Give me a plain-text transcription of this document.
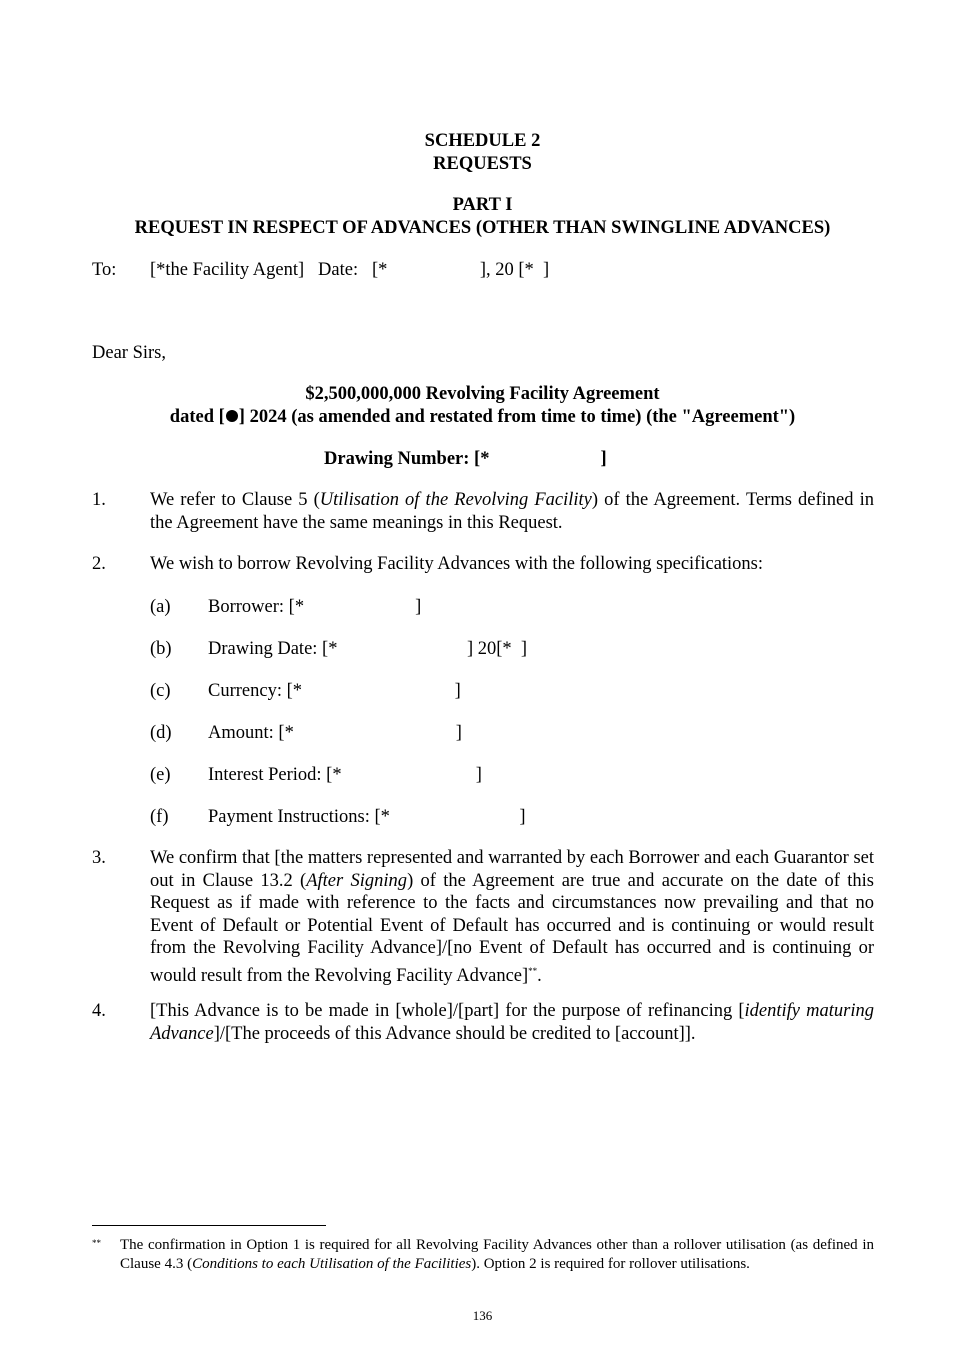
SCHEDULE 2
REQUESTS
PART I
REQUEST IN RESPECT OF ADVANCES (OTHER THAN SWINGLINE ADVANCES)
To: [*the Facility Agent] Date: [*                    ], 20 [*  ]
Dear Sirs,
$2,500,000,000 Revolving Facility Agreement
dated [ ] 2024 (as amended and restated from time to time) (the "Agreement")
Drawing Number: [*                        ]
1. We refer to Clause 5 (Utilisation of the Revolving Facility) of the Agreement. Terms defined in the Agreement have the same meanings in this Request.
2. We wish to borrow Revolving Facility Advances with the following specifications:
(a) Borrower: [*                        ]
(b) Drawing Date: [*                            ] 20[*  ]
(c) Currency: [*                                 ]
(d) Amount: [*                                   ]
(e) Interest Period: [*                             ]
(f) Payment Instructions: [*                            ]
3. We confirm that [the matters represented and warranted by each Borrower and each Guarantor set out in Clause 13.2 (After Signing) of the Agreement are true and accurate on the date of this Request as if made with reference to the facts and circumstances now prevailing and that no Event of Default or Potential Event of Default has occurred and is continuing or would result from the Revolving Facility Advance]/[no Event of Default has occurred and is continuing or would result from the Revolving Facility Advance]**.
4. [This Advance is to be made in [whole]/[part] for the purpose of refinancing [identify maturing Advance]/[The proceeds of this Advance should be credited to [account]].
** The confirmation in Option 1 is required for all Revolving Facility Advances other than a rollover utilisation (as defined in Clause 4.3 (Conditions to each Utilisation of the Facilities). Option 2 is required for rollover utilisations.
136
